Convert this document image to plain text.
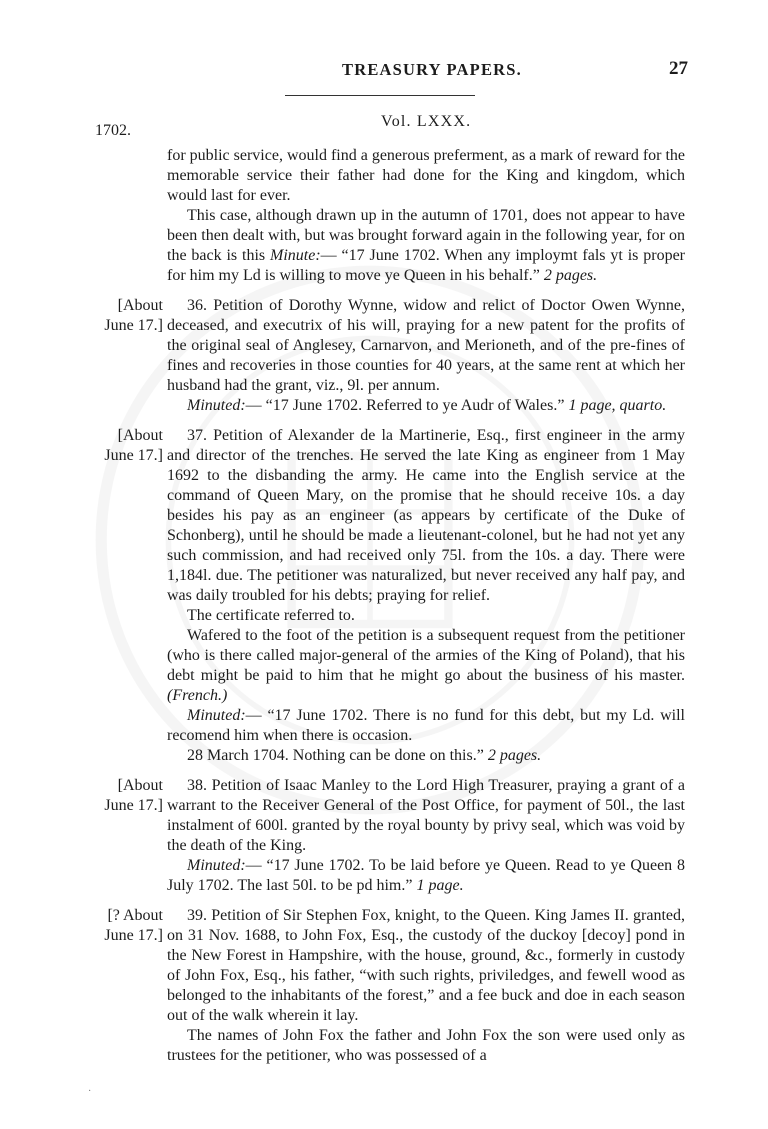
TREASURY PAPERS.	27
Vol. LXXX.
1702.

for public service, would find a generous preferment, as a mark of reward for the memorable service their father had done for the King and kingdom, which would last for ever.

This case, although drawn up in the autumn of 1701, does not appear to have been then dealt with, but was brought forward again in the following year, for on the back is this Minute:— “17 June 1702. When any imploymt fals yt is proper for him my Ld is willing to move ye Queen in his behalf.” 2 pages.

[About
June 17.]

36. Petition of Dorothy Wynne, widow and relict of Doctor Owen Wynne, deceased, and executrix of his will, praying for a new patent for the profits of the original seal of Anglesey, Carnarvon, and Merioneth, and of the pre-fines of fines and recoveries in those counties for 40 years, at the same rent at which her husband had the grant, viz., 9l. per annum.

Minuted:— “17 June 1702. Referred to ye Audr of Wales.” 1 page, quarto.

[About
June 17.]

37. Petition of Alexander de la Martinerie, Esq., first engineer in the army and director of the trenches. He served the late King as engineer from 1 May 1692 to the disbanding the army. He came into the English service at the command of Queen Mary, on the promise that he should receive 10s. a day besides his pay as an engineer (as appears by certificate of the Duke of Schonberg), until he should be made a lieutenant-colonel, but he had not yet any such commission, and had received only 75l. from the 10s. a day. There were 1,184l. due. The petitioner was naturalized, but never received any half pay, and was daily troubled for his debts; praying for relief.

The certificate referred to.

Wafered to the foot of the petition is a subsequent request from the petitioner (who is there called major-general of the armies of the King of Poland), that his debt might be paid to him that he might go about the business of his master. (French.)

Minuted:— “17 June 1702. There is no fund for this debt, but my Ld. will recomend him when there is occasion.

28 March 1704. Nothing can be done on this.” 2 pages.

[About
June 17.]

38. Petition of Isaac Manley to the Lord High Treasurer, praying a grant of a warrant to the Receiver General of the Post Office, for payment of 50l., the last instalment of 600l. granted by the royal bounty by privy seal, which was void by the death of the King.

Minuted:— “17 June 1702. To be laid before ye Queen. Read to ye Queen 8 July 1702. The last 50l. to be pd him.” 1 page.

[? About
June 17.]

39. Petition of Sir Stephen Fox, knight, to the Queen. King James II. granted, on 31 Nov. 1688, to John Fox, Esq., the custody of the duckoy [decoy] pond in the New Forest in Hampshire, with the house, ground, &c., formerly in custody of John Fox, Esq., his father, “with such rights, priviledges, and fewell wood as belonged to the inhabitants of the forest,” and a fee buck and doe in each season out of the walk wherein it lay.

The names of John Fox the father and John Fox the son were used only as trustees for the petitioner, who was possessed of a

·
